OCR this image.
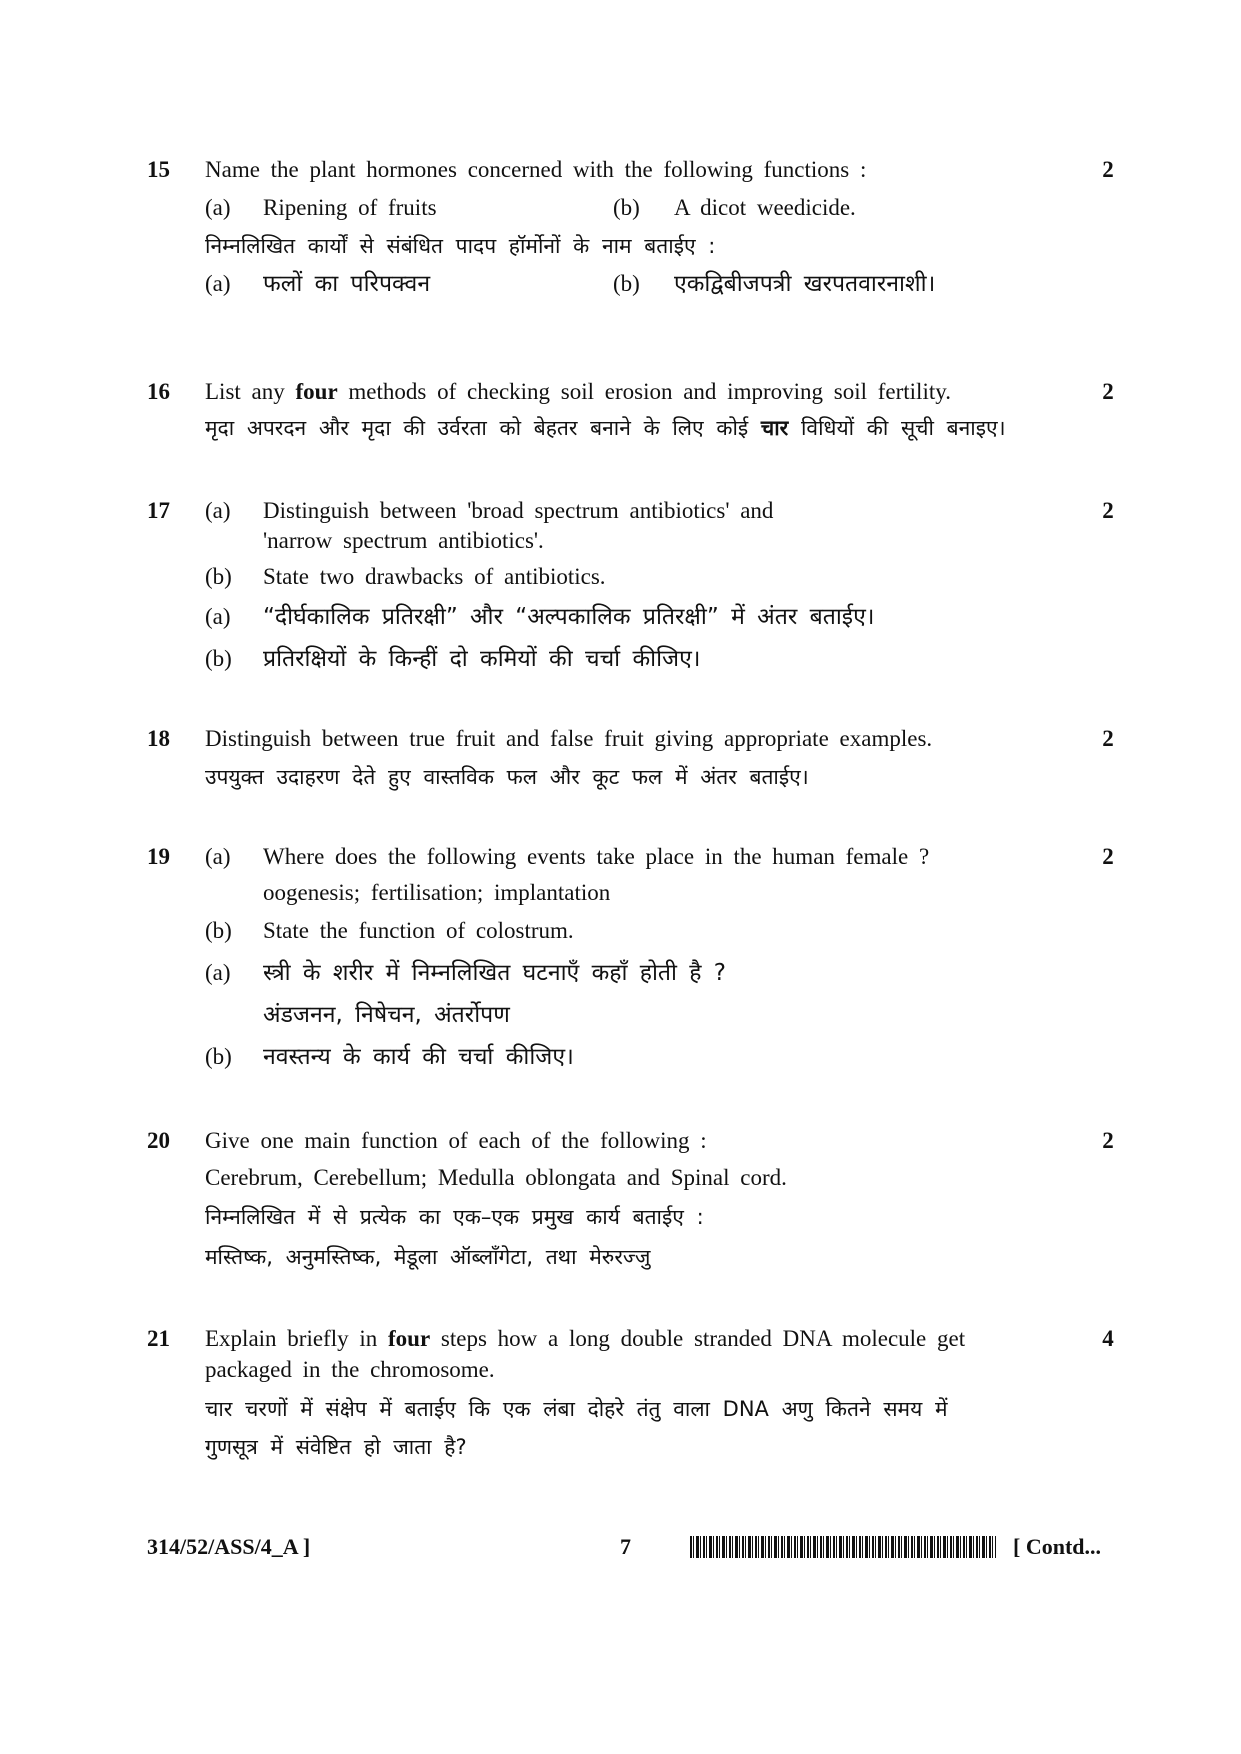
15 Name the plant hormones concerned with the following functions :
(a) Ripening of fruits	(b) A dicot weedicide.
निम्नलिखित कार्यों से संबंधित पादप हॉर्मोनों के नाम बताईए :
(a) फलों का परिपक्वन	(b) एकद्विबीजपत्री खरपतवारनाशी।
2
16 List any four methods of checking soil erosion and improving soil fertility.
मृदा अपरदन और मृदा की उर्वरता को बेहतर बनाने के लिए कोई चार विधियों की सूची बनाइए।
2
17 (a) Distinguish between 'broad spectrum antibiotics' and
'narrow spectrum antibiotics'.
(b) State two drawbacks of antibiotics.
(a) “दीर्घकालिक प्रतिरक्षी” और “अल्पकालिक प्रतिरक्षी” में अंतर बताईए।
(b) प्रतिरक्षियों के किन्हीं दो कमियों की चर्चा कीजिए।
2
18 Distinguish between true fruit and false fruit giving appropriate examples.
उपयुक्त उदाहरण देते हुए वास्तविक फल और कूट फल में अंतर बताईए।
2
19 (a) Where does the following events take place in the human female ?
oogenesis; fertilisation; implantation
(b) State the function of colostrum.
(a) स्त्री के शरीर में निम्नलिखित घटनाएँ कहाँ होती है ?
अंडजनन, निषेचन, अंतर्रोपण
(b) नवस्तन्य के कार्य की चर्चा कीजिए।
2
20 Give one main function of each of the following :
Cerebrum, Cerebellum; Medulla oblongata and Spinal cord.
निम्नलिखित में से प्रत्येक का एक–एक प्रमुख कार्य बताईए :
मस्तिष्क, अनुमस्तिष्क, मेडूला ऑब्लाँगेटा, तथा मेरुरज्जु
2
21 Explain briefly in four steps how a long double stranded DNA molecule get
packaged in the chromosome.
चार चरणों में संक्षेप में बताईए कि एक लंबा दोहरे तंतु वाला DNA अणु कितने समय में
गुणसूत्र में संवेष्टित हो जाता है?
4
314/52/ASS/4_A ]	7	[ Contd...
